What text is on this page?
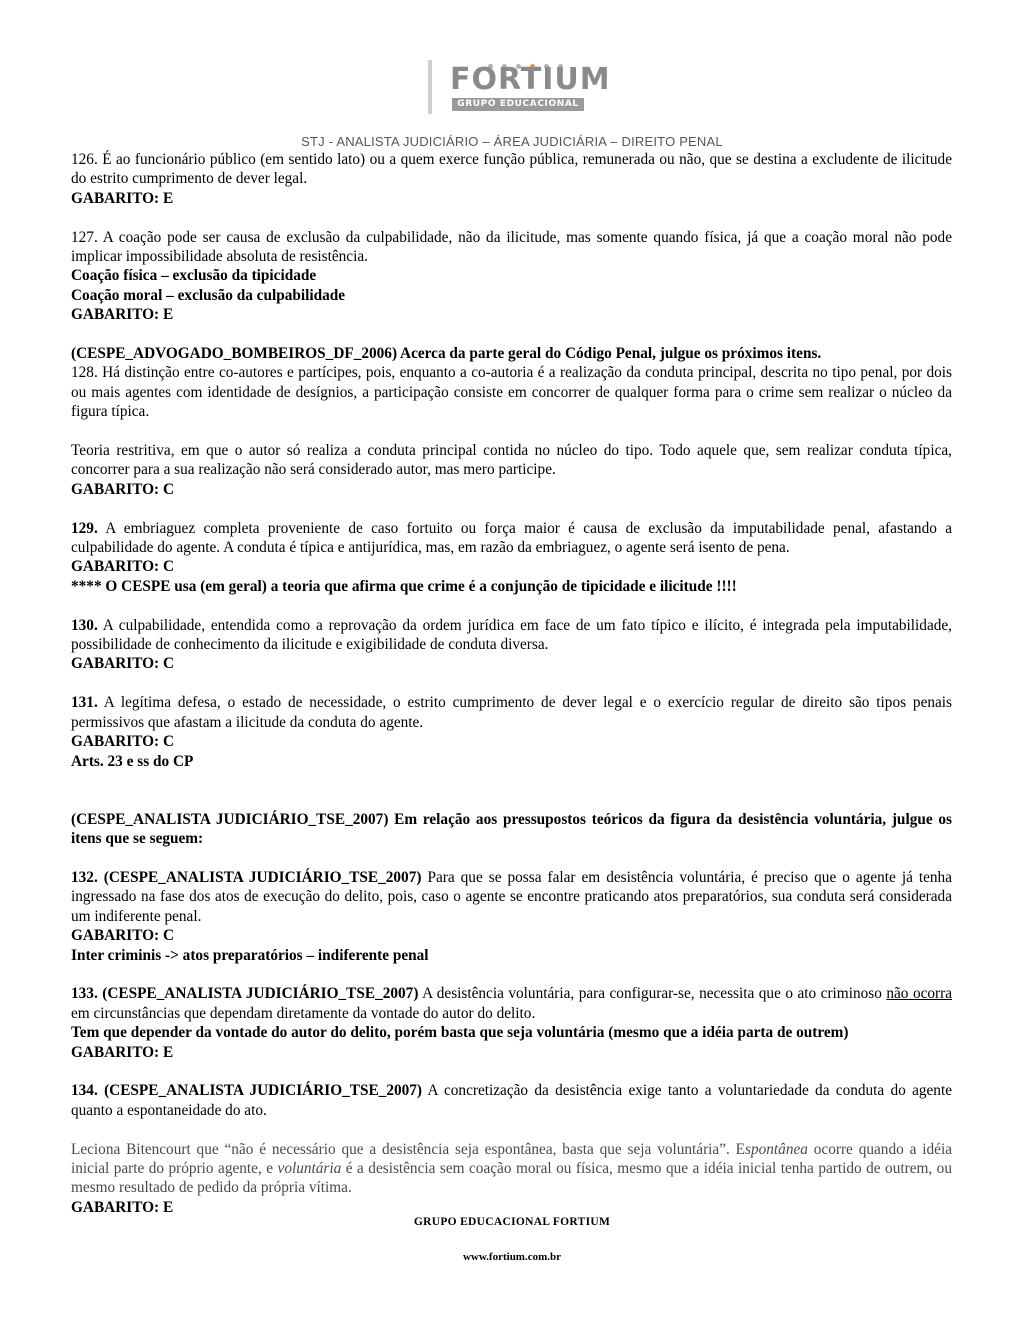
FORTIUM
GRUPO EDUCACIONAL
STJ - ANALISTA JUDICIÁRIO – ÁREA JUDICIÁRIA – DIREITO PENAL

126. É ao funcionário público (em sentido lato) ou a quem exerce função pública, remunerada ou não, que se destina a excludente de ilicitude do estrito cumprimento de dever legal.

GABARITO: E

127. A coação pode ser causa de exclusão da culpabilidade, não da ilicitude, mas somente quando física, já que a coação moral não pode implicar impossibilidade absoluta de resistência.

Coação física – exclusão da tipicidade

Coação moral – exclusão da culpabilidade

GABARITO: E

(CESPE_ADVOGADO_BOMBEIROS_DF_2006) Acerca da parte geral do Código Penal, julgue os próximos itens.

128. Há distinção entre co-autores e partícipes, pois, enquanto a co-autoria é a realização da conduta principal, descrita no tipo penal, por dois ou mais agentes com identidade de desígnios, a participação consiste em concorrer de qualquer forma para o crime sem realizar o núcleo da figura típica.

Teoria restritiva, em que o autor só realiza a conduta principal contida no núcleo do tipo. Todo aquele que, sem realizar conduta típica, concorrer para a sua realização não será considerado autor, mas mero participe.

GABARITO: C

129. A embriaguez completa proveniente de caso fortuito ou força maior é causa de exclusão da imputabilidade penal, afastando a culpabilidade do agente. A conduta é típica e antijurídica, mas, em razão da embriaguez, o agente será isento de pena.

GABARITO: C

**** O CESPE usa (em geral) a teoria que afirma que crime é a conjunção de tipicidade e ilicitude !!!!

130. A culpabilidade, entendida como a reprovação da ordem jurídica em face de um fato típico e ilícito, é integrada pela imputabilidade, possibilidade de conhecimento da ilicitude e exigibilidade de conduta diversa.

GABARITO: C

131. A legítima defesa, o estado de necessidade, o estrito cumprimento de dever legal e o exercício regular de direito são tipos penais permissivos que afastam a ilicitude da conduta do agente.

GABARITO: C

Arts. 23 e ss do CP

(CESPE_ANALISTA JUDICIÁRIO_TSE_2007) Em relação aos pressupostos teóricos da figura da desistência voluntária, julgue os itens que se seguem:

132. (CESPE_ANALISTA JUDICIÁRIO_TSE_2007) Para que se possa falar em desistência voluntária, é preciso que o agente já tenha ingressado na fase dos atos de execução do delito, pois, caso o agente se encontre praticando atos preparatórios, sua conduta será considerada um indiferente penal.

GABARITO: C

Inter criminis -> atos preparatórios – indiferente penal

133. (CESPE_ANALISTA JUDICIÁRIO_TSE_2007) A desistência voluntária, para configurar-se, necessita que o ato criminoso não ocorra em circunstâncias que dependam diretamente da vontade do autor do delito.

Tem que depender da vontade do autor do delito, porém basta que seja voluntária (mesmo que a idéia parta de outrem)

GABARITO: E

134. (CESPE_ANALISTA JUDICIÁRIO_TSE_2007) A concretização da desistência exige tanto a voluntariedade da conduta do agente quanto a espontaneidade do ato.

Leciona Bitencourt que “não é necessário que a desistência seja espontânea, basta que seja voluntária”. Espontânea ocorre quando a idéia inicial parte do próprio agente, e voluntária é a desistência sem coação moral ou física, mesmo que a idéia inicial tenha partido de outrem, ou mesmo resultado de pedido da própria vítima.

GABARITO: E

GRUPO EDUCACIONAL FORTIUM
www.fortium.com.br
